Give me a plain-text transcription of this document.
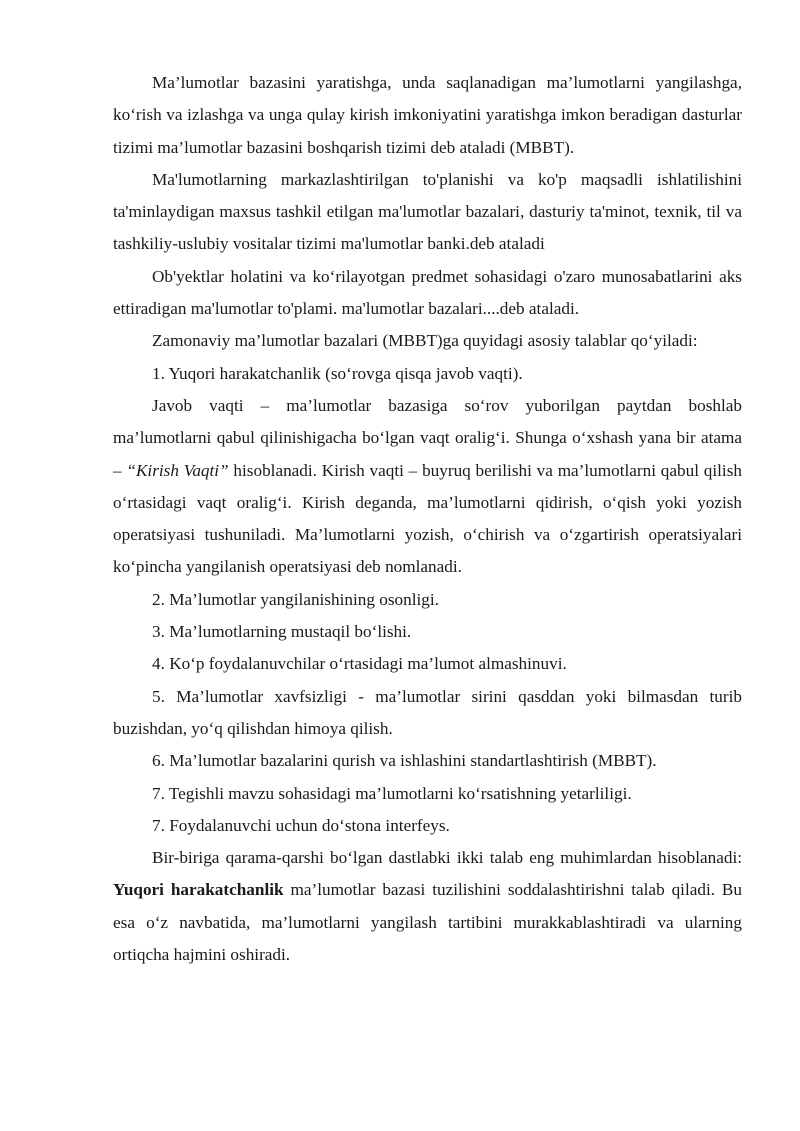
Ma’lumotlar bazasini yaratishga, unda saqlanadigan ma’lumotlarni yangilashga, ko‘rish va izlashga va unga qulay kirish imkoniyatini yaratishga imkon beradigan dasturlar tizimi ma’lumotlar bazasini boshqarish tizimi deb ataladi (MBBT).

Ma'lumotlarning markazlashtirilgan to'planishi va ko'p maqsadli ishlatilishini ta'minlaydigan maxsus tashkil etilgan ma'lumotlar bazalari, dasturiy ta'minot, texnik, til va tashkiliy-uslubiy vositalar tizimi ma'lumotlar banki.deb ataladi

Ob'yektlar holatini va ko‘rilayotgan predmet sohasidagi o'zaro munosabatlarini aks ettiradigan ma'lumotlar to'plami. ma'lumotlar bazalari....deb ataladi.

Zamonaviy ma’lumotlar bazalari (MBBT)ga quyidagi asosiy talablar qo‘yiladi:

1. Yuqori harakatchanlik (so‘rovga qisqa javob vaqti).

Javob vaqti – ma’lumotlar bazasiga so‘rov yuborilgan paytdan boshlab ma’lumotlarni qabul qilinishigacha bo‘lgan vaqt oralig‘i. Shunga o‘xshash yana bir atama – “Kirish Vaqti” hisoblanadi. Kirish vaqti – buyruq berilishi va ma’lumotlarni qabul qilish o‘rtasidagi vaqt oralig‘i. Kirish deganda, ma’lumotlarni qidirish, o‘qish yoki yozish operatsiyasi tushuniladi. Ma’lumotlarni yozish, o‘chirish va o‘zgartirish operatsiyalari ko‘pincha yangilanish operatsiyasi deb nomlanadi.

2. Ma’lumotlar yangilanishining osonligi.

3. Ma’lumotlarning mustaqil bo‘lishi.

4. Ko‘p foydalanuvchilar o‘rtasidagi ma’lumot almashinuvi.

5. Ma’lumotlar xavfsizligi - ma’lumotlar sirini qasddan yoki bilmasdan turib buzishdan, yo‘q qilishdan himoya qilish.

6. Ma’lumotlar bazalarini qurish va ishlashini standartlashtirish (MBBT).

7. Tegishli mavzu sohasidagi ma’lumotlarni ko‘rsatishning yetarliligi.

7. Foydalanuvchi uchun do‘stona interfeys.

Bir-biriga qarama-qarshi bo‘lgan dastlabki ikki talab eng muhimlardan hisoblanadi: Yuqori harakatchanlik ma’lumotlar bazasi tuzilishini soddalashtirishni talab qiladi. Bu esa o‘z navbatida, ma’lumotlarni yangilash tartibini murakkablashtiradi va ularning ortiqcha hajmini oshiradi.
